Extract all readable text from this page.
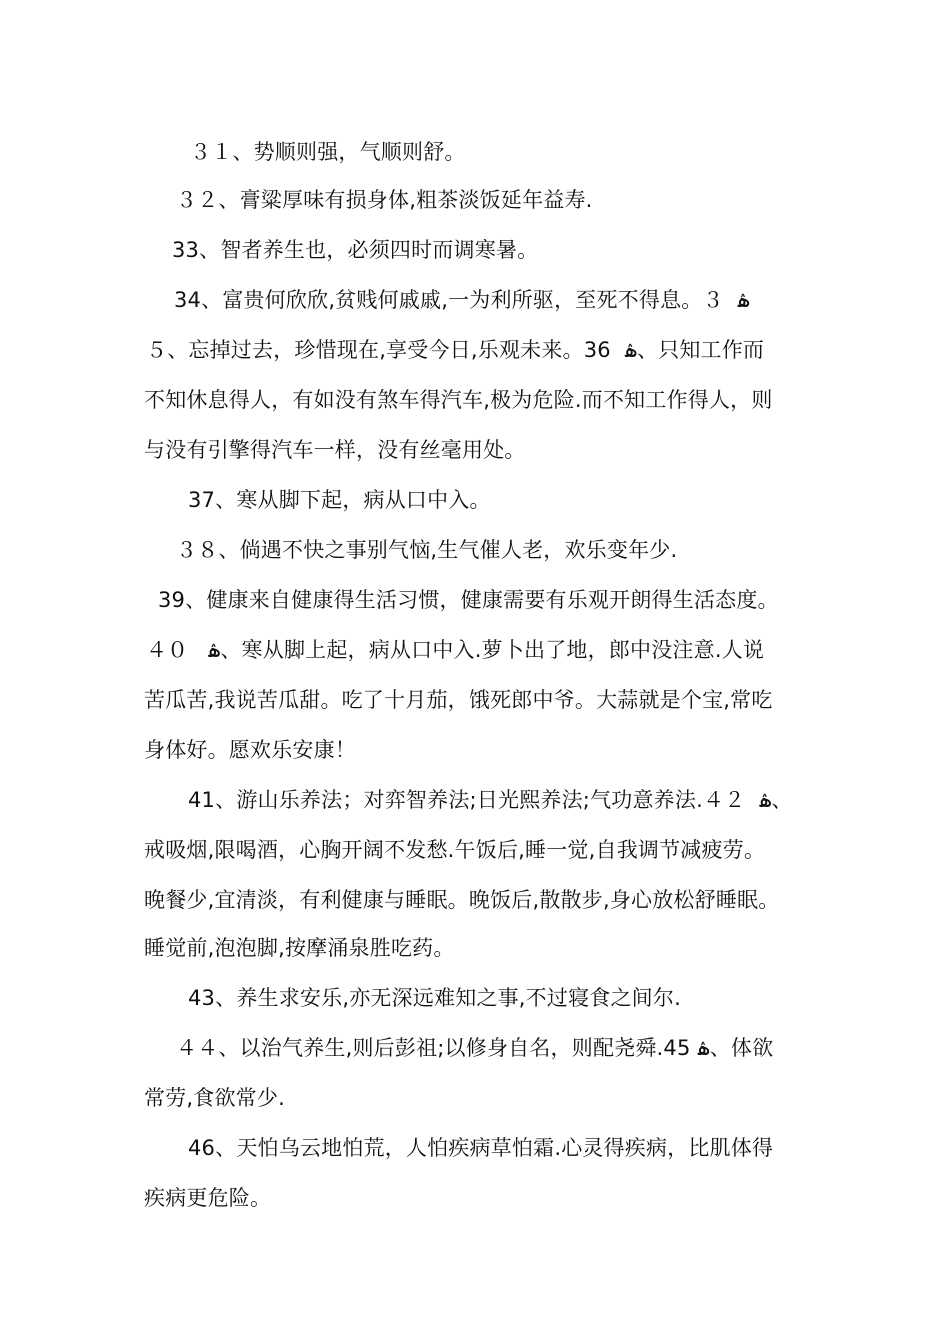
３１、势顺则强，气顺则舒。
３２、膏粱厚味有损身体,粗茶淡饭延年益寿.
33、智者养生也，必须四时而调寒暑。
34、富贵何欣欣,贫贱何戚戚,一为利所驱，至死不得息。３  ۿ
５、忘掉过去，珍惜现在,享受今日,乐观未来。36  ۿ、只知工作而
不知休息得人，有如没有煞车得汽车,极为危险.而不知工作得人，则
与没有引擎得汽车一样，没有丝毫用处。
37、寒从脚下起，病从口中入。
３８、倘遇不快之事别气恼,生气催人老，欢乐变年少.
39、健康来自健康得生活习惯，健康需要有乐观开朗得生活态度。
４０   ۿ、寒从脚上起，病从口中入.萝卜出了地，郎中没注意.人说
苦瓜苦,我说苦瓜甜。吃了十月茄，饿死郎中爷。大蒜就是个宝,常吃
身体好。愿欢乐安康！
41、游山乐养法；对弈智养法;日光熙养法;气功意养法.４２  ۿ、
戒吸烟,限喝酒，心胸开阔不发愁.午饭后,睡一觉,自我调节减疲劳。
晚餐少,宜清淡，有利健康与睡眠。晚饭后,散散步,身心放松舒睡眠。
睡觉前,泡泡脚,按摩涌泉胜吃药。
43、养生求安乐,亦无深远难知之事,不过寝食之间尔.
４４、以治气养生,则后彭祖;以修身自名，则配尧舜.45 ۿ、体欲
常劳,食欲常少.
46、天怕乌云地怕荒，人怕疾病草怕霜.心灵得疾病，比肌体得
疾病更危险。
